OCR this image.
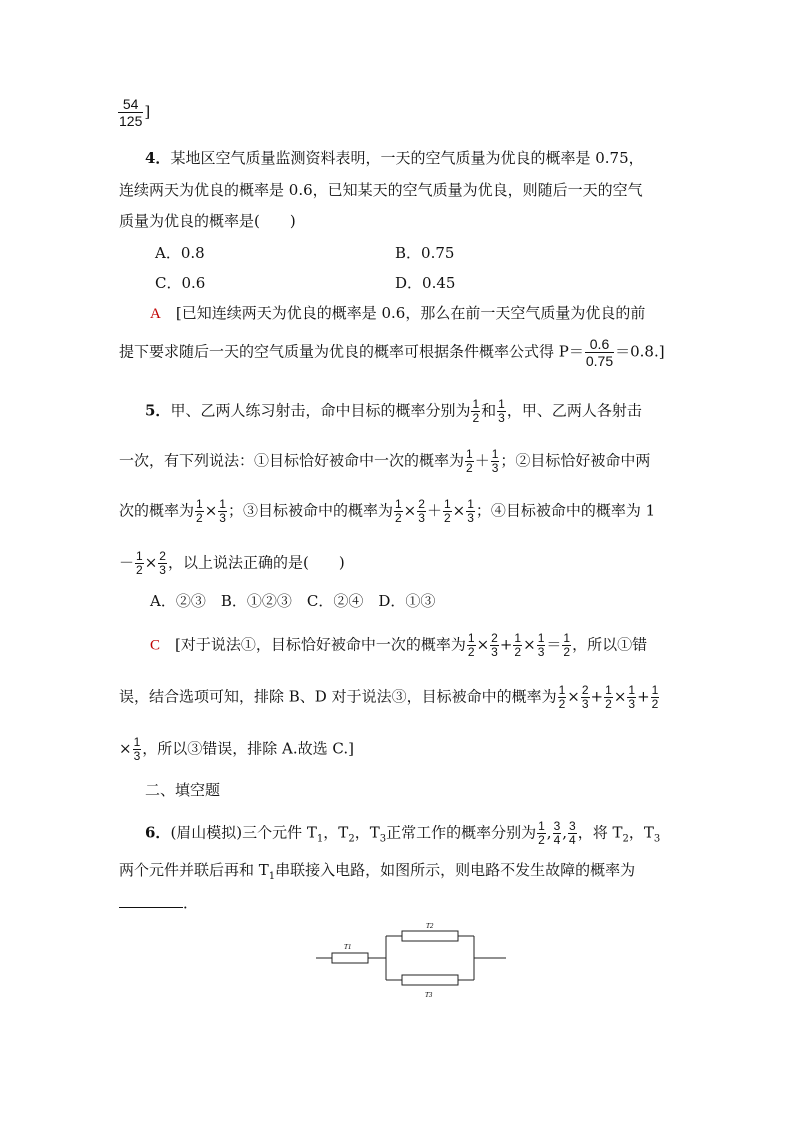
$\frac{54}{125}$ ]
4．某地区空气质量监测资料表明，一天的空气质量为优良的概率是 0.75，
连续两天为优良的概率是 0.6，已知某天的空气质量为优良，则随后一天的空气
质量为优良的概率是(　　)
A．0.8	B．0.75
C．0.6	D．0.45
A　 [已知连续两天为优良的概率是 0.6，那么在前一天空气质量为优良的前
提下要求随后一天的空气质量为优良的概率可根据条件概率公式得 $P= \frac{0.6}{0.75} =0.8$.]
5．甲、乙两人练习射击，命中目标的概率分别为 $\frac{1}{2}$ 和 $\frac{1}{3}$ ，甲、乙两人各射击
一次，有下列说法：①目标恰好被命中一次的概率为 $\frac{1}{2} + \frac{1}{3}$ ；②目标恰好被命中两
次的概率为 $\frac{1}{2} \times \frac{1}{3}$ ；③目标被命中的概率为 $\frac{1}{2} \times \frac{2}{3} + \frac{1}{2} \times \frac{1}{3}$ ；④目标被命中的概率为 1
－ $\frac{1}{2} \times \frac{2}{3}$ ，以上说法正确的是(　　)
A．②③　B．①②③　C．②④　D．①③
C　 [对于说法①，目标恰好被命中一次的概率为 $\frac{1}{2} \times \frac{2}{3} + \frac{1}{2} \times \frac{1}{3} = \frac{1}{2}$ ，所以①错
误，结合选项可知，排除 B、D 对于说法③，目标被命中的概率为 $\frac{1}{2} \times \frac{2}{3} + \frac{1}{2} \times \frac{1}{3} + \frac{1}{2}$
× $\frac{1}{3}$ ，所以③错误，排除 A.故选 C.]
二、填空题
6．(眉山模拟)三个元件 $T_1$，$T_2$，$T_3$正常工作的概率分别为 $\frac{1}{2}$ , $\frac{3}{4}$ , $\frac{3}{4}$ ，将 $T_2$，$T_3$
两个元件并联后再和 $T_1$串联接入电路，如图所示，则电路不发生故障的概率为
．
T1
T2
T3
